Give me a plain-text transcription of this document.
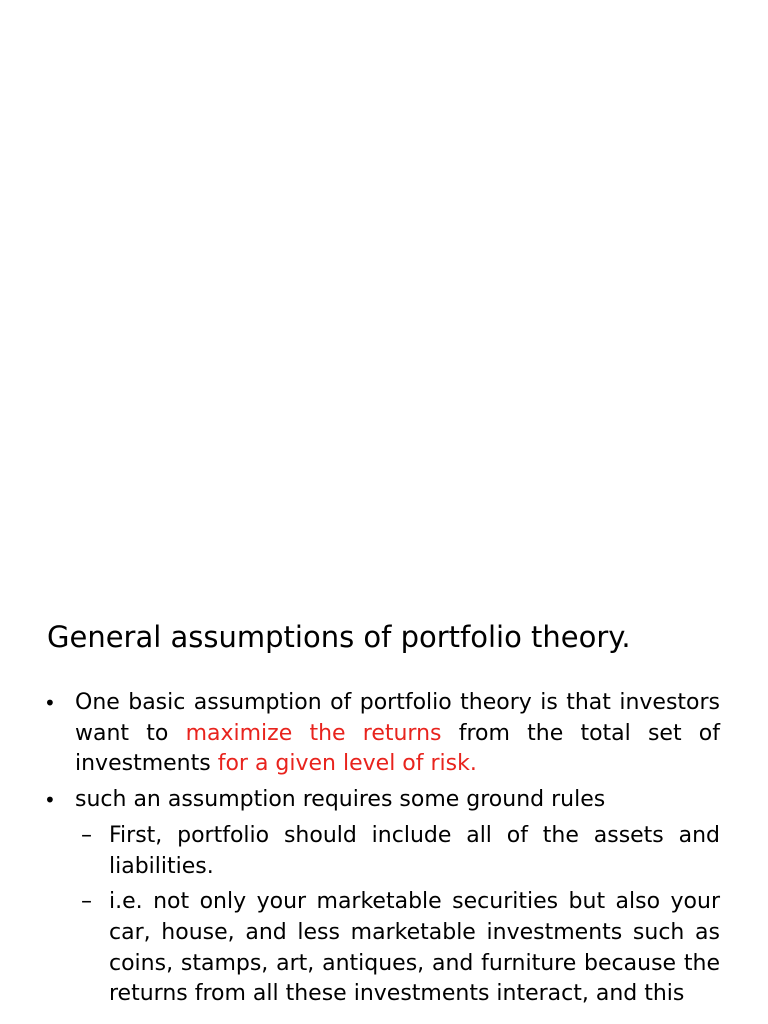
General assumptions of portfolio theory.
• One basic assumption of portfolio theory is that investors want to maximize the returns from the total set of investments for a given level of risk.
• such an assumption requires some ground rules
– First, portfolio should include all of the assets and liabilities.
– i.e. not only your marketable securities but also your car, house, and less marketable investments such as coins, stamps, art, antiques, and furniture because the returns from all these investments interact, and this
